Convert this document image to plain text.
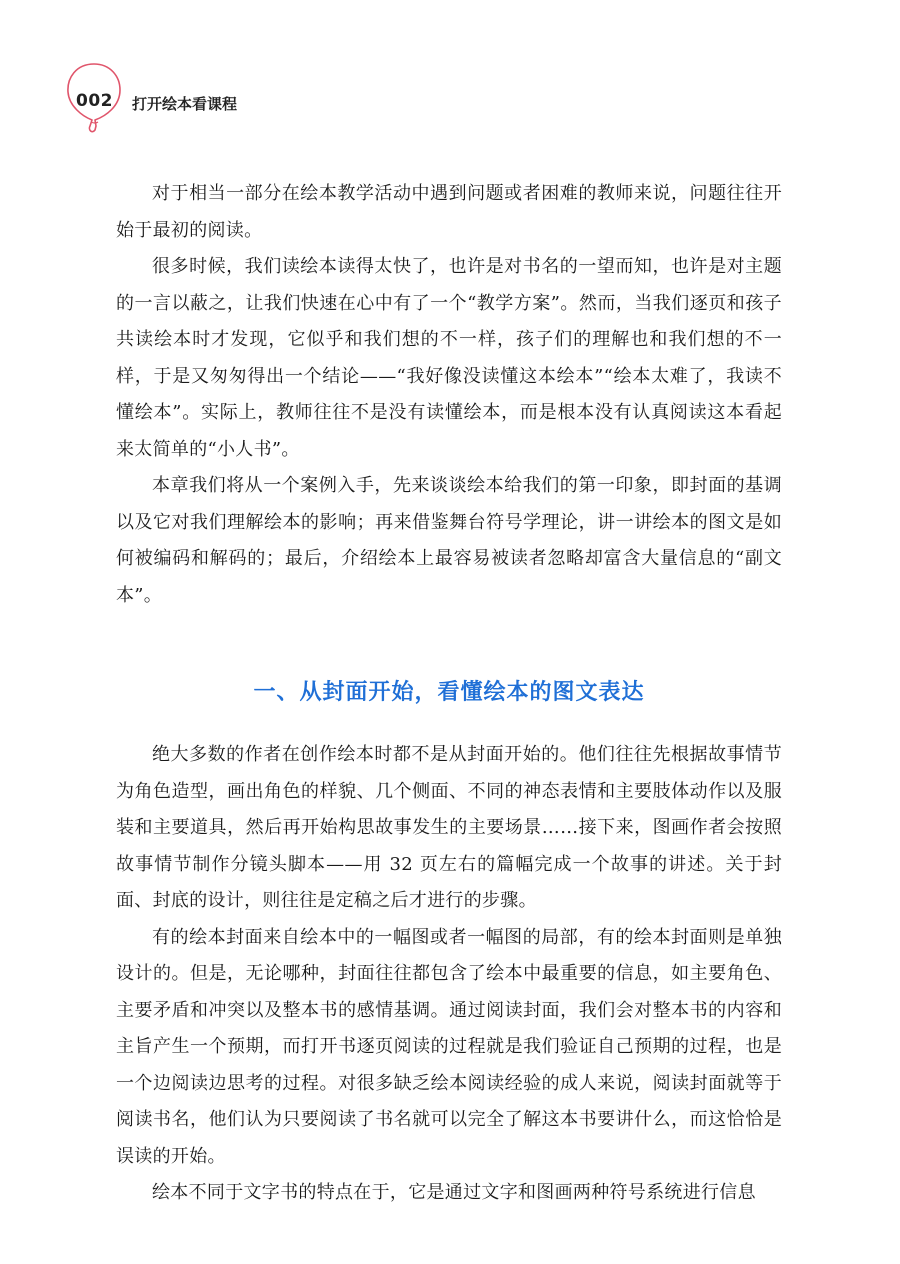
002 打开绘本看课程

对于相当一部分在绘本教学活动中遇到问题或者困难的教师来说，问题往往开始于最初的阅读。

很多时候，我们读绘本读得太快了，也许是对书名的一望而知，也许是对主题的一言以蔽之，让我们快速在心中有了一个“教学方案”。然而，当我们逐页和孩子共读绘本时才发现，它似乎和我们想的不一样，孩子们的理解也和我们想的不一样，于是又匆匆得出一个结论——“我好像没读懂这本绘本”“绘本太难了，我读不懂绘本”。实际上，教师往往不是没有读懂绘本，而是根本没有认真阅读这本看起来太简单的“小人书”。

本章我们将从一个案例入手，先来谈谈绘本给我们的第一印象，即封面的基调以及它对我们理解绘本的影响；再来借鉴舞台符号学理论，讲一讲绘本的图文是如何被编码和解码的；最后，介绍绘本上最容易被读者忽略却富含大量信息的“副文本”。

一、从封面开始，看懂绘本的图文表达

绝大多数的作者在创作绘本时都不是从封面开始的。他们往往先根据故事情节为角色造型，画出角色的样貌、几个侧面、不同的神态表情和主要肢体动作以及服装和主要道具，然后再开始构思故事发生的主要场景……接下来，图画作者会按照故事情节制作分镜头脚本——用 32 页左右的篇幅完成一个故事的讲述。关于封面、封底的设计，则往往是定稿之后才进行的步骤。

有的绘本封面来自绘本中的一幅图或者一幅图的局部，有的绘本封面则是单独设计的。但是，无论哪种，封面往往都包含了绘本中最重要的信息，如主要角色、主要矛盾和冲突以及整本书的感情基调。通过阅读封面，我们会对整本书的内容和主旨产生一个预期，而打开书逐页阅读的过程就是我们验证自己预期的过程，也是一个边阅读边思考的过程。对很多缺乏绘本阅读经验的成人来说，阅读封面就等于阅读书名，他们认为只要阅读了书名就可以完全了解这本书要讲什么，而这恰恰是误读的开始。

绘本不同于文字书的特点在于，它是通过文字和图画两种符号系统进行信息
